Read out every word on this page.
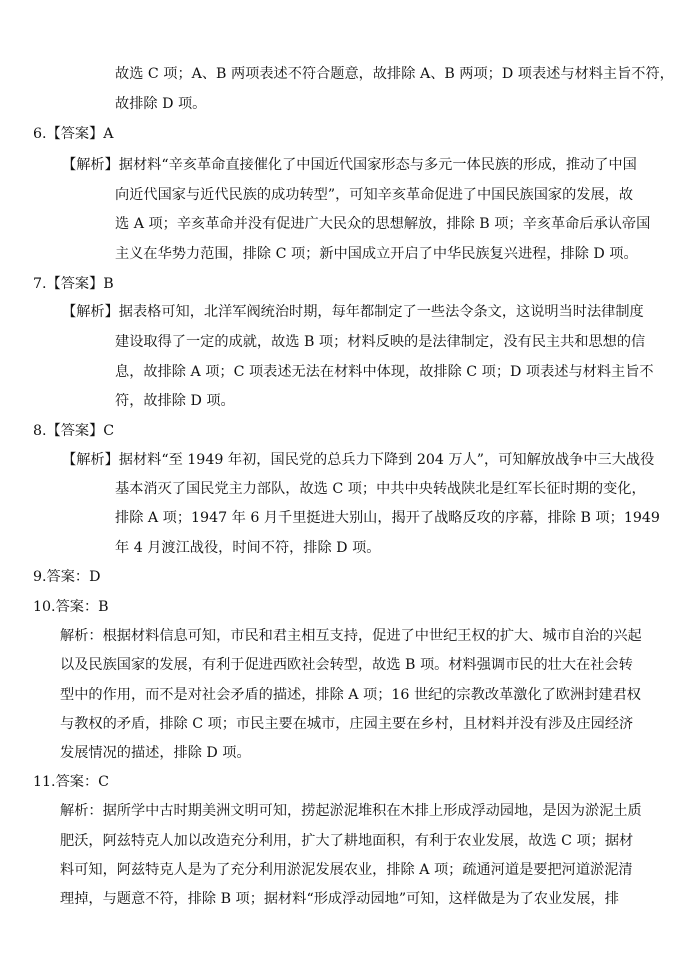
故选 C 项；A、B 两项表述不符合题意，故排除 A、B 两项；D 项表述与材料主旨不符，
故排除 D 项。
6.【答案】A
【解析】据材料“辛亥革命直接催化了中国近代国家形态与多元一体民族的形成，推动了中国
向近代国家与近代民族的成功转型”，可知辛亥革命促进了中国民族国家的发展，故
选 A 项；辛亥革命并没有促进广大民众的思想解放，排除 B 项；辛亥革命后承认帝国
主义在华势力范围，排除 C 项；新中国成立开启了中华民族复兴进程，排除 D 项。
7.【答案】B
【解析】据表格可知，北洋军阀统治时期，每年都制定了一些法令条文，这说明当时法律制度
建设取得了一定的成就，故选 B 项；材料反映的是法律制定，没有民主共和思想的信
息，故排除 A 项；C 项表述无法在材料中体现，故排除 C 项；D 项表述与材料主旨不
符，故排除 D 项。
8.【答案】C
【解析】据材料“至 1949 年初，国民党的总兵力下降到 204 万人”，可知解放战争中三大战役
基本消灭了国民党主力部队，故选 C 项；中共中央转战陕北是红军长征时期的变化，
排除 A 项；1947 年 6 月千里挺进大别山，揭开了战略反攻的序幕，排除 B 项；1949
年 4 月渡江战役，时间不符，排除 D 项。
9.答案：D
10.答案：B
解析：根据材料信息可知，市民和君主相互支持，促进了中世纪王权的扩大、城市自治的兴起
以及民族国家的发展，有利于促进西欧社会转型，故选 B 项。材料强调市民的壮大在社会转
型中的作用，而不是对社会矛盾的描述，排除 A 项；16 世纪的宗教改革激化了欧洲封建君权
与教权的矛盾，排除 C 项；市民主要在城市，庄园主要在乡村，且材料并没有涉及庄园经济
发展情况的描述，排除 D 项。
11.答案：C
解析：据所学中古时期美洲文明可知，捞起淤泥堆积在木排上形成浮动园地，是因为淤泥土质
肥沃，阿兹特克人加以改造充分利用，扩大了耕地面积，有利于农业发展，故选 C 项；据材
料可知，阿兹特克人是为了充分利用淤泥发展农业，排除 A 项；疏通河道是要把河道淤泥清
理掉，与题意不符，排除 B 项；据材料“形成浮动园地”可知，这样做是为了农业发展，排
